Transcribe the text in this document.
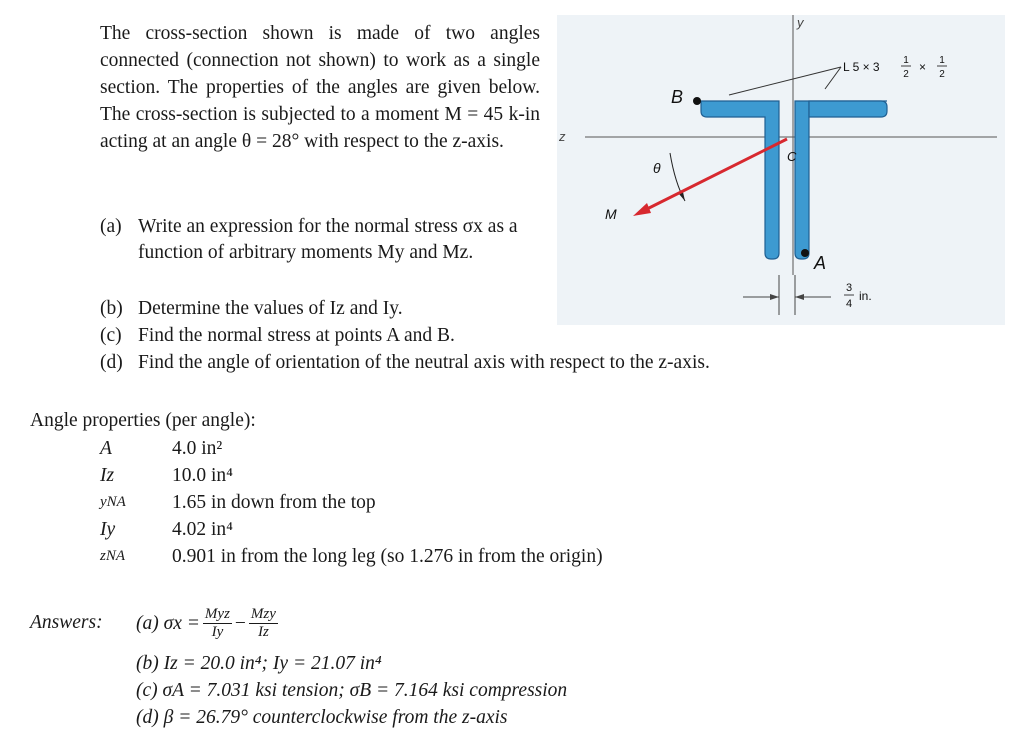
The cross-section shown is made of two angles connected (connection not shown) to work as a single section. The properties of the angles are given below. The cross-section is subjected to a moment M = 45 k-in acting at an angle θ = 28° with respect to the z-axis.
(a) Write an expression for the normal stress σx as a function of arbitrary moments My and Mz.
(b) Determine the values of Iz and Iy.
(c) Find the normal stress at points A and B.
(d) Find the angle of orientation of the neutral axis with respect to the z-axis.
z
y
B
A
C
θ
M
L 5 × 3 1
2
× 1
2
3
4
in.
Angle properties (per angle):
A	4.0 in²
Iz	10.0 in⁴
yNA 1.65 in down from the top
Iy	4.02 in⁴
zNA 0.901 in from the long leg (so 1.276 in from the origin)
Answers: (a) $\sigma x = \frac{\text{Myz}}{Iy} - \frac{\text{Mzy}}{Iz}$
(b) Iz = 20.0 in⁴; Iy = 21.07 in⁴
(c) σA = 7.031 ksi tension; σB = 7.164 ksi compression
(d) β = 26.79° counterclockwise from the z-axis
